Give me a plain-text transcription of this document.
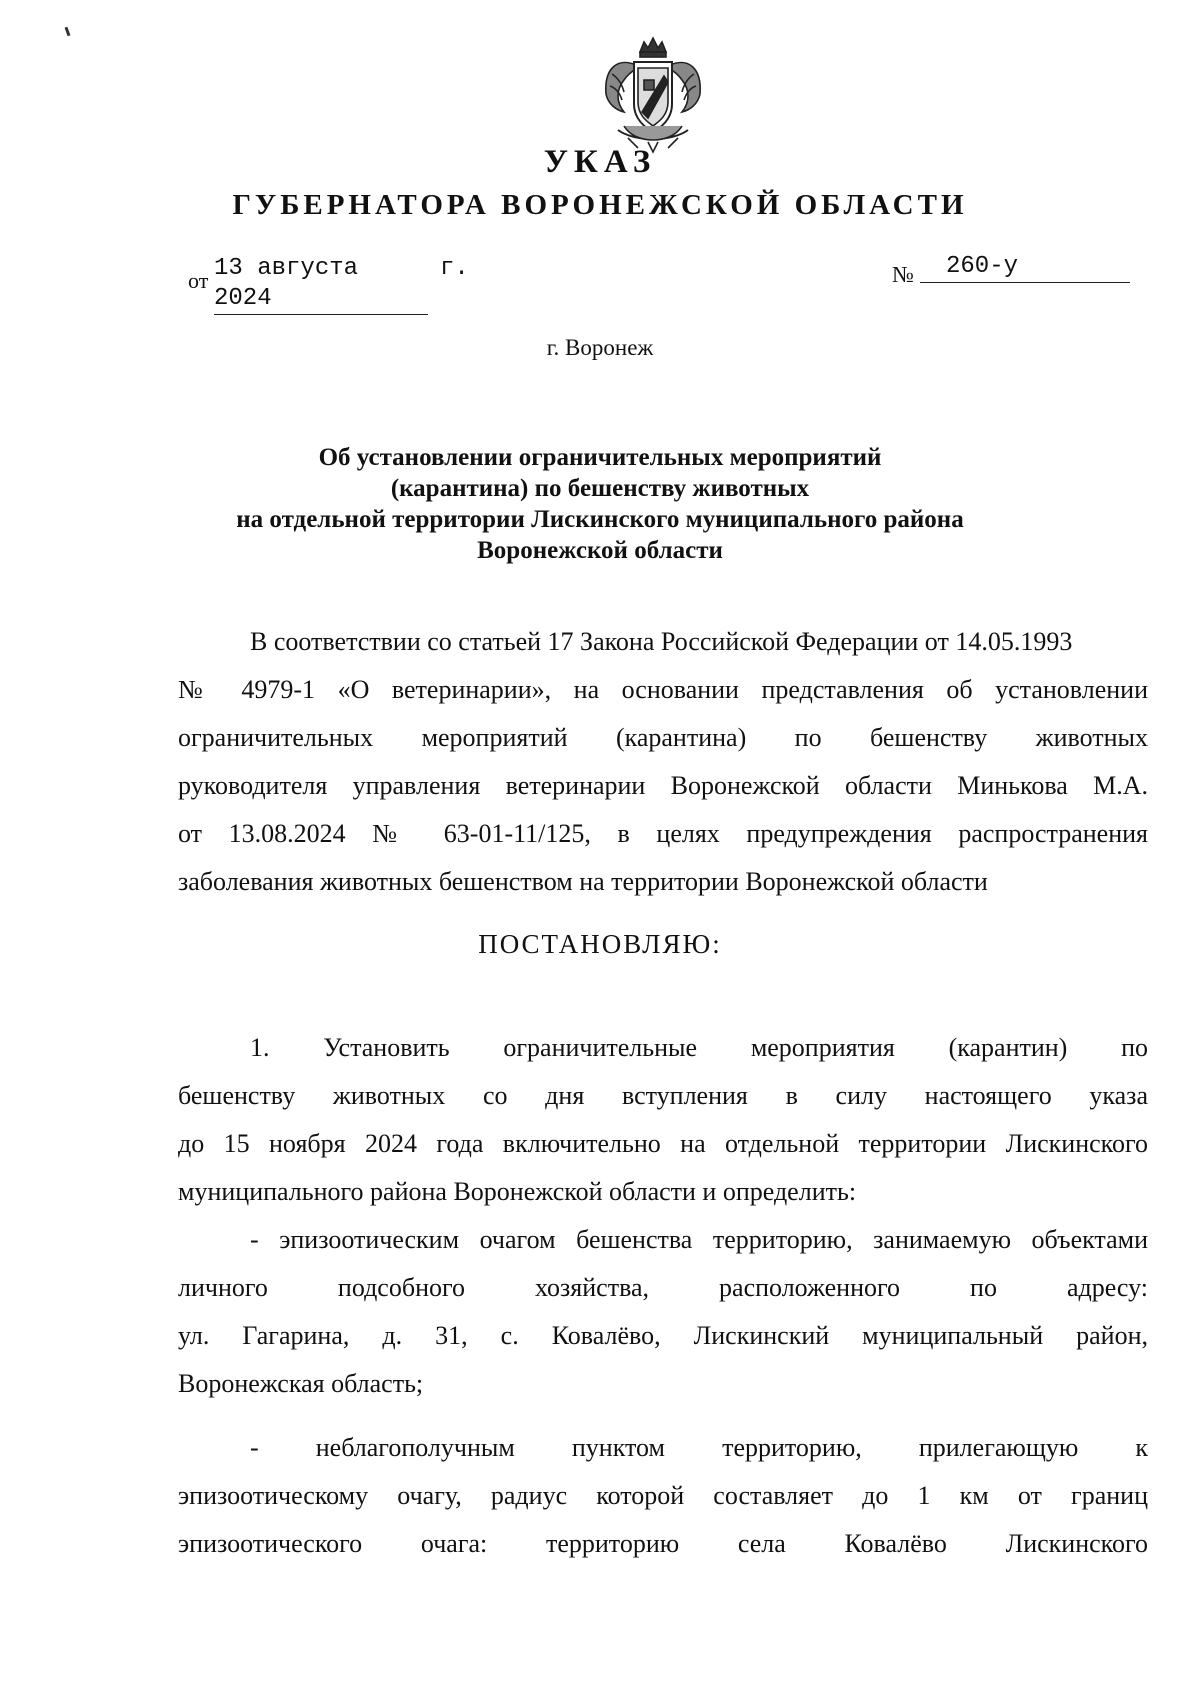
УКАЗ
ГУБЕРНАТОРА ВОРОНЕЖСКОЙ ОБЛАСТИ
от 13 августа 2024
г.	№ 260-у
г. Воронеж
Об установлении ограничительных мероприятий
(карантина) по бешенству животных
на отдельной территории Лискинского муниципального района
Воронежской области
В соответствии со статьей 17 Закона Российской Федерации от 14.05.1993
№ 4979-1 «О ветеринарии», на основании представления об установлении
ограничительных мероприятий (карантина) по бешенству животных
руководителя управления ветеринарии Воронежской области Минькова М.А.
от 13.08.2024 № 63-01-11/125, в целях предупреждения распространения
заболевания животных бешенством на территории Воронежской области
ПОСТАНОВЛЯЮ:
1. Установить ограничительные мероприятия (карантин) по
бешенству животных со дня вступления в силу настоящего указа
до 15 ноября 2024 года включительно на отдельной территории Лискинского
муниципального района Воронежской области и определить:
- эпизоотическим очагом бешенства территорию, занимаемую объектами
личного подсобного хозяйства, расположенного по адресу:
ул. Гагарина, д. 31, с. Ковалёво, Лискинский муниципальный район,
Воронежская область;
- неблагополучным пунктом территорию, прилегающую к
эпизоотическому очагу, радиус которой составляет до 1 км от границ
эпизоотического очага: территорию села Ковалёво Лискинского
